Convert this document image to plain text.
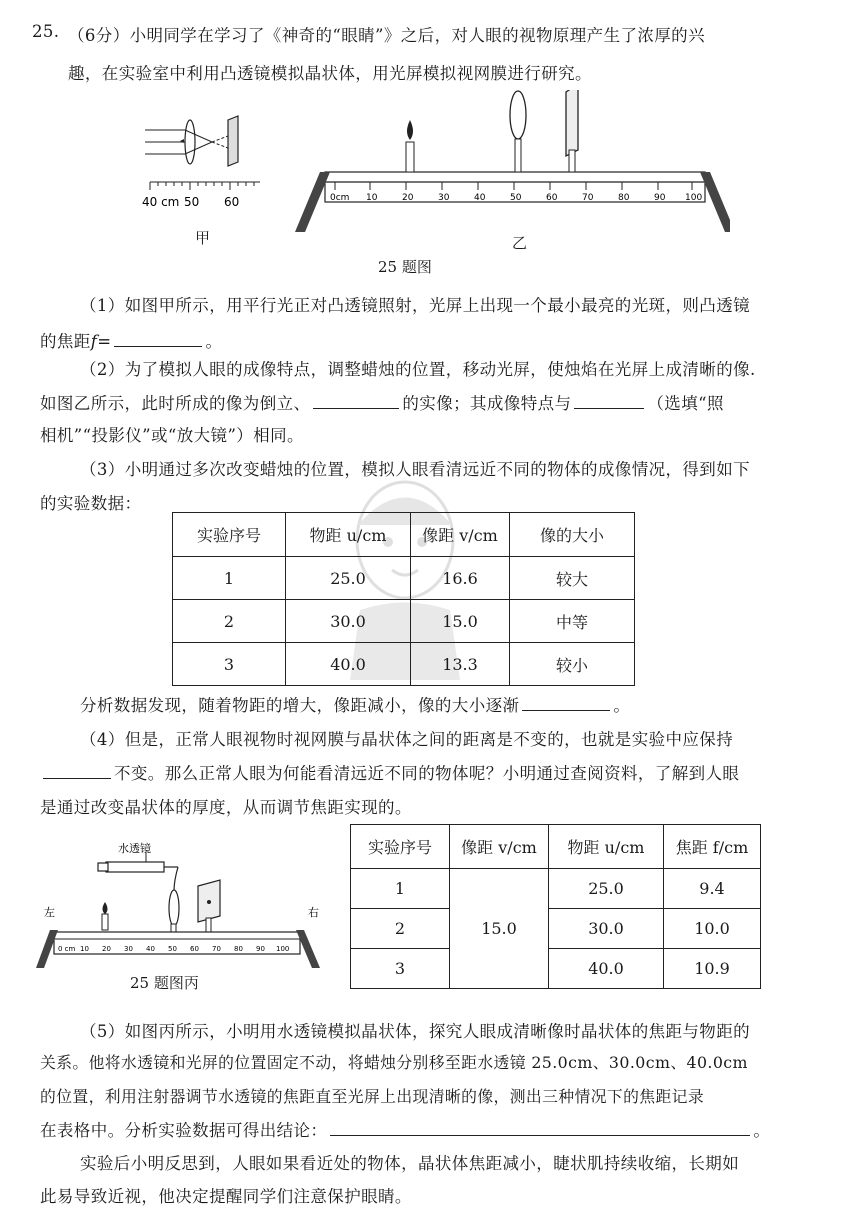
25. （6分）小明同学在学习了《神奇的“眼睛”》之后，对人眼的视物原理产生了浓厚的兴
趣，在实验室中利用凸透镜模拟晶状体，用光屏模拟视网膜进行研究。
40 cm 50 60
甲
0cm 10	20	30	40	50	60	70	80	90 100
乙
25 题图
（1）如图甲所示，用平行光正对凸透镜照射，光屏上出现一个最小最亮的光斑，则凸透镜
的焦距f=	。
（2）为了模拟人眼的成像特点，调整蜡烛的位置，移动光屏，使烛焰在光屏上成清晰的像.
如图乙所示，此时所成的像为倒立、	的实像；其成像特点与	（选填“照
相机”“投影仪”或“放大镜”）相同。
（3）小明通过多次改变蜡烛的位置，模拟人眼看清远近不同的物体的成像情况，得到如下
的实验数据：
实验序号	物距 u/cm	像距 v/cm	像的大小
1	25.0	16.6	较大
2	30.0	15.0	中等
3	40.0	13.3	较小
分析数据发现，随着物距的增大，像距减小，像的大小逐渐	。
（4）但是，正常人眼视物时视网膜与晶状体之间的距离是不变的，也就是实验中应保持
不变。那么正常人眼为何能看清远近不同的物体呢？小明通过查阅资料，了解到人眼
是通过改变晶状体的厚度，从而调节焦距实现的。
水透镜
左	右
0 cm 10 20 30 40 50 60 70 80 90 100
25 题图丙
实验序号	像距 v/cm	物距 u/cm	焦距 f/cm
1	15.0	25.0	9.4
2		30.0	10.0
3		40.0	10.9
（5）如图丙所示，小明用水透镜模拟晶状体，探究人眼成清晰像时晶状体的焦距与物距的
关系。他将水透镜和光屏的位置固定不动，将蜡烛分别移至距水透镜 25.0cm、30.0cm、40.0cm
的位置，利用注射器调节水透镜的焦距直至光屏上出现清晰的像，测出三种情况下的焦距记录
在表格中。分析实验数据可得出结论：	。
实验后小明反思到，人眼如果看近处的物体，晶状体焦距减小，睫状肌持续收缩，长期如
此易导致近视，他决定提醒同学们注意保护眼睛。
